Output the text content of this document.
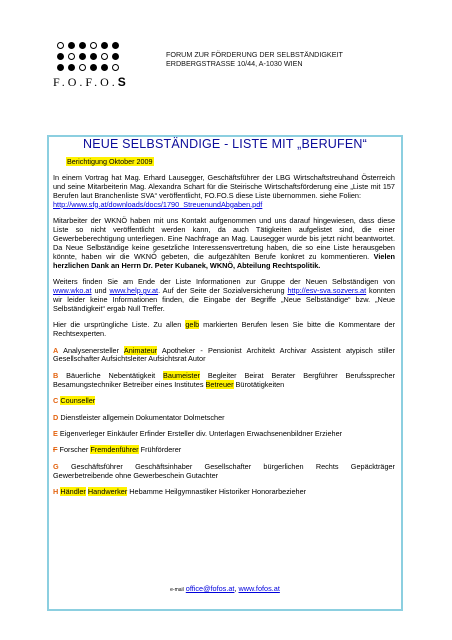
F.O.F.O.S
FORUM ZUR FÖRDERUNG DER SELBSTÄNDIGKEIT
ERDBERGSTRASSE 10/44, A-1030 WIEN
NEUE SELBSTÄNDIGE - LISTE MIT „BERUFEN“
Berichtigung Oktober 2009

In einem Vortrag hat Mag. Erhard Lausegger, Geschäftsführer der LBG Wirtschaftstreuhand Österreich und seine Mitarbeiterin Mag. Alexandra Schart für die Steirische Wirtschaftsförderung eine „Liste mit 157 Berufen laut Branchenliste SVA“ veröffentlicht, FO.FO.S diese Liste übernommen. siehe Folien:
http://www.sfg.at/downloads/docs/1790_StreuenundAbgaben.pdf

Mitarbeiter der WKNÖ haben mit uns Kontakt aufgenommen und uns darauf hingewiesen, dass diese Liste so nicht veröffentlicht werden kann, da auch Tätigkeiten aufgelistet sind, die einer Gewerbeberechtigung unterliegen. Eine Nachfrage an Mag. Lausegger wurde bis jetzt nicht beantwortet. Da Neue Selbständige keine gesetzliche Interessensvertretung haben, die so eine Liste herausgeben könnte, haben wir die WKNÖ gebeten, die aufgezählten Berufe konkret zu kommentieren. Vielen herzlichen Dank an Herrn Dr. Peter Kubanek, WKNÖ, Abteilung Rechtspolitik.

Weiters finden Sie am Ende der Liste Informationen zur Gruppe der Neuen Selbständigen von www.wko.at und www.help.gv.at. Auf der Seite der Sozialversicherung http://esv-sva.sozvers.at konnten wir leider keine Informationen finden, die Eingabe der Begriffe „Neue Selbständige“ bzw. „Neue Selbständigkeit“ ergab Null Treffer.

Hier die ursprüngliche Liste. Zu allen gelb markierten Berufen lesen Sie bitte die Kommentare der Rechtsexperten.

A Analysenersteller Animateur Apotheker - Pensionist Architekt Archivar Assistent atypisch stiller Gesellschafter Aufsichtsleiter Aufsichtsrat Autor

B Bäuerliche Nebentätigkeit Baumeister Begleiter Beirat Berater Bergführer Berufssprecher Besamungstechniker Betreiber eines Institutes Betreuer Bürotätigkeiten

C Counseller

D Dienstleister allgemein Dokumentator Dolmetscher

E Eigenverleger Einkäufer Erfinder Ersteller div. Unterlagen Erwachsenenbildner Erzieher

F Forscher Fremdenführer Frühförderer

G Geschäftsführer Geschäftsinhaber Gesellschafter bürgerlichen Rechts Gepäckträger Gewerbetreibende ohne Gewerbeschein Gutachter

H Händler Handwerker Hebamme Heilgymnastiker Historiker Honorarbezieher

e-mail office@fofos.at, www.fofos.at
